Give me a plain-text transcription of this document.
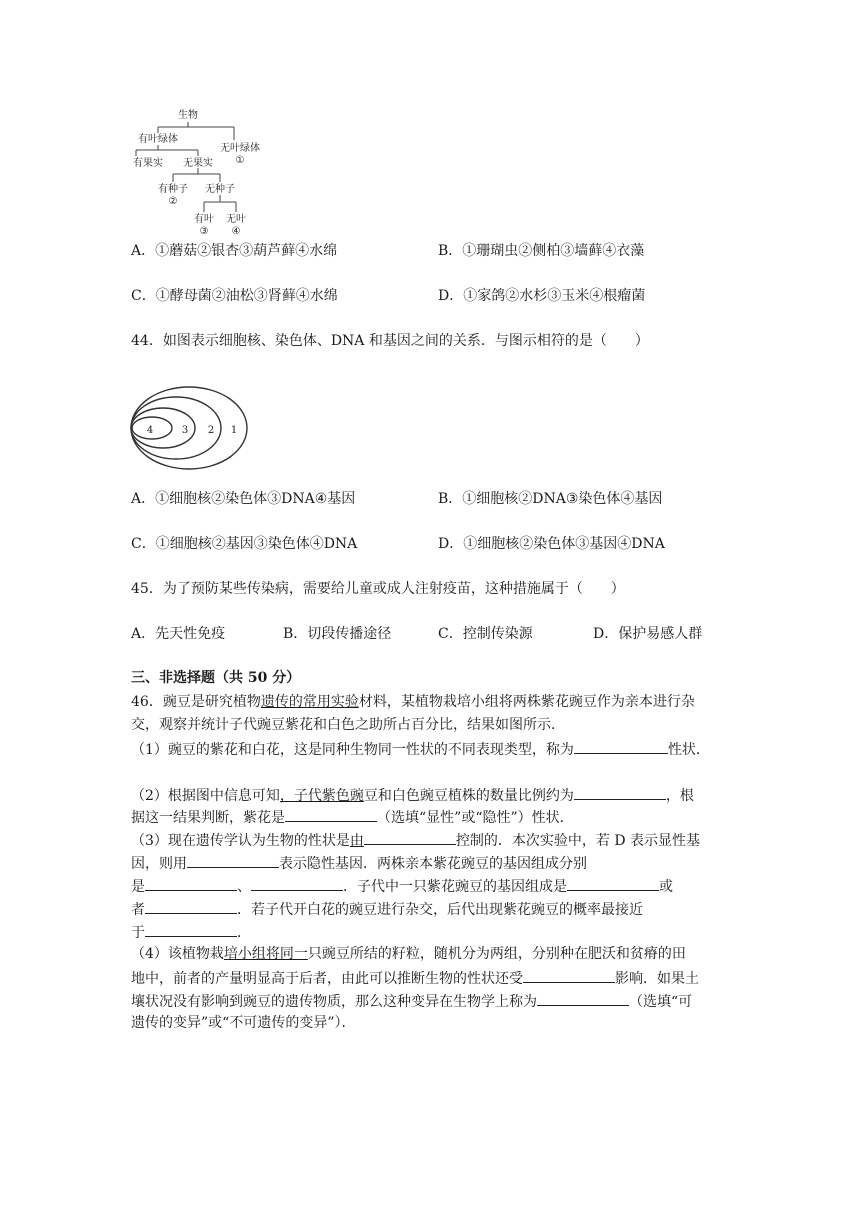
生物
有叶绿体
无叶绿体
①
有果实 无果实
有种子
②
无种子
有叶
③
无叶
④
A．①蘑菇②银杏③葫芦藓④水绵	B．①珊瑚虫②侧柏③墙藓④衣藻
C．①酵母菌②油松③肾藓④水绵	D．①家鸽②水杉③玉米④根瘤菌
44．如图表示细胞核、染色体、DNA 和基因之间的关系．与图示相符的是（　　）
4	3 2 1
A．①细胞核②染色体③DNA④基因	B．①细胞核②DNA③染色体④基因
C．①细胞核②基因③染色体④DNA	D．①细胞核②染色体③基因④DNA
45．为了预防某些传染病，需要给儿童或成人注射疫苗，这种措施属于（　　）
A．先天性免疫	B．切段传播途径	C．控制传染源	D．保护易感人群
三、非选择题（共 50 分）
46．豌豆是研究植物遗传的常用实验材料，某植物栽培小组将两株紫花豌豆作为亲本进行杂
交，观察并统计子代豌豆紫花和白色之助所占百分比，结果如图所示．
（1）豌豆的紫花和白花，这是同种生物同一性状的不同表现类型，称为	性状．
（2）根据图中信息可知，子代紫色豌豆和白色豌豆植株的数量比例约为	，根
据这一结果判断，紫花是	（选填“显性”或“隐性”）性状．
（3）现在遗传学认为生物的性状是由	控制的．本次实验中，若 D 表示显性基
因，则用	表示隐性基因．两株亲本紫花豌豆的基因组成分别
是	、	．子代中一只紫花豌豆的基因组成是	或
者	．若子代开白花的豌豆进行杂交，后代出现紫花豌豆的概率最接近
于	．
（4）该植物栽培小组将同一只豌豆所结的籽粒，随机分为两组，分别种在肥沃和贫瘠的田
地中，前者的产量明显高于后者，由此可以推断生物的性状还受	影响．如果土
壤状况没有影响到豌豆的遗传物质，那么这种变异在生物学上称为	（选填“可
遗传的变异”或“不可遗传的变异”）．
